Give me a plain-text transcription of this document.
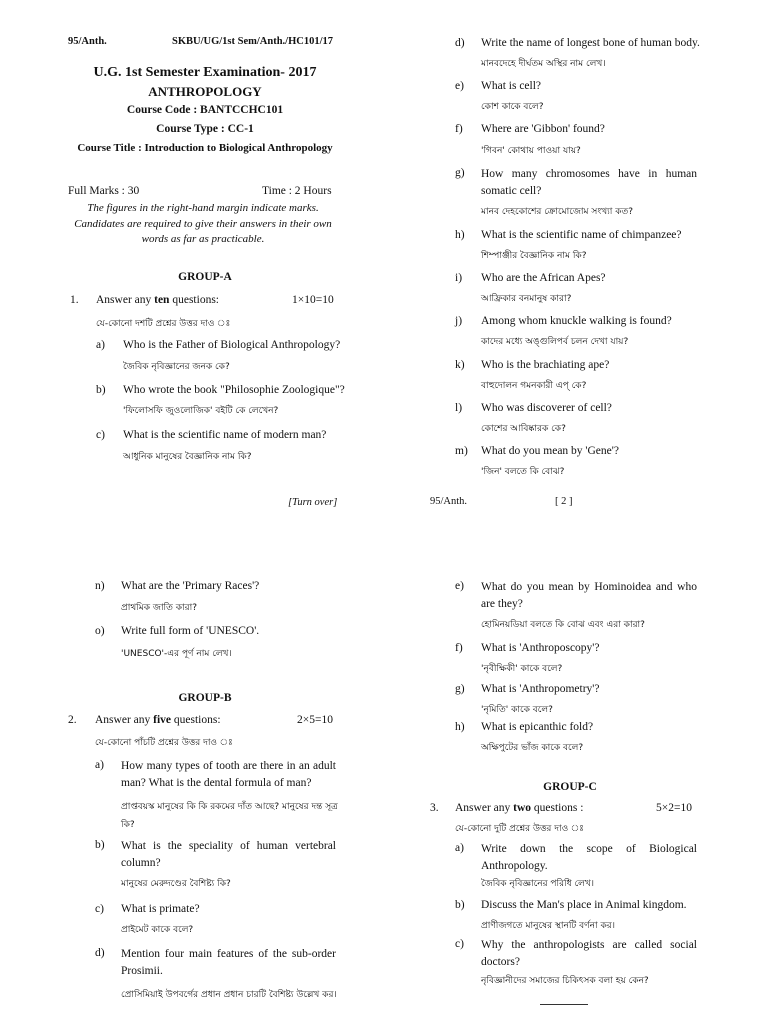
95/Anth.	SKBU/UG/1st Sem/Anth./HC101/17
U.G. 1st Semester Examination- 2017
ANTHROPOLOGY
Course Code : BANTCCHC101
Course Type : CC-1
Course Title : Introduction to Biological Anthropology
Full Marks : 30	Time : 2 Hours
The figures in the right-hand margin indicate marks. Candidates are required to give their answers in their own words as far as practicable.
GROUP-A
1. Answer any ten questions:	1×10=10
যে-কোনো দশটি প্রশ্নের উত্তর দাও ঃ
a) Who is the Father of Biological Anthropology?
জৈবিক নৃবিজ্ঞানের জনক কে?
b) Who wrote the book "Philosophie Zoologique"?
'ফিলোসফি জুওলোজিক' বইটি কে লেখেন?
c) What is the scientific name of modern man?
আধুনিক মানুষের বৈজ্ঞানিক নাম কি?
[Turn over]
d) Write the name of longest bone of human body.
মানবদেহে দীর্ঘতম অস্থির নাম লেখ।
e) What is cell?
কোশ কাকে বলে?
f) Where are 'Gibbon' found?
'গিবন' কোথায় পাওয়া যায়?
g) How many chromosomes have in human somatic cell?
মানব দেহকোশের ক্রোমোজোম সংখ্যা কত?
h) What is the scientific name of chimpanzee?
শিম্পাঞ্জীর বৈজ্ঞানিক নাম কি?
i) Who are the African Apes?
আফ্রিকার বনমানুষ কারা?
j) Among whom knuckle walking is found?
কাদের মধ্যে অঙ্গুলিপর্ব চলন দেখা যায়?
k) Who is the brachiating ape?
বাহুদোলন গমনকারী এপ্‌ কে?
l) Who was discoverer of cell?
কোশের আবিষ্কারক কে?
m) What do you mean by 'Gene'?
'জিন' বলতে কি বোঝ?
95/Anth.	[ 2 ]
n) What are the 'Primary Races'?
প্রাথমিক জাতি কারা?
o) Write full form of 'UNESCO'.
'UNESCO'-এর পূর্ণ নাম লেখ।
GROUP-B
2. Answer any five questions:	2×5=10
যে-কোনো পাঁচটি প্রশ্নের উত্তর দাও ঃ
a) How many types of tooth are there in an adult man? What is the dental formula of man?
প্রাপ্তবয়স্ক মানুষের কি কি রকমের দাঁত আছে? মানুষের দন্ত সূত্র কি?
b) What is the speciality of human vertebral column?
মানুষের মেরুদণ্ডের বৈশিষ্ট্য কি?
c) What is primate?
প্রাইমেট কাকে বলে?
d) Mention four main features of the sub-order Prosimii.
প্রোসিমিয়াই উপবর্গের প্রধান প্রধান চারটি বৈশিষ্ট্য উল্লেখ কর।
e) What do you mean by Hominoidea and who are they?
হোমিনয়ডিয়া বলতে কি বোঝ এবং এরা কারা?
f) What is 'Anthroposcopy'?
'নৃবীক্ষিকী' কাকে বলে?
g) What is 'Anthropometry'?
'নৃমিতি' কাকে বলে?
h) What is epicanthic fold?
অক্ষিপুটের ভাঁজ কাকে বলে?
GROUP-C
3. Answer any two questions :	5×2=10
যে-কোনো দুটি প্রশ্নের উত্তর দাও ঃ
a) Write down the scope of Biological Anthropology.
জৈবিক নৃবিজ্ঞানের পরিধি লেখ।
b) Discuss the Man's place in Animal kingdom.
প্রাণীজগতে মানুষের স্থানটি বর্ণনা কর।
c) Why the anthropologists are called social doctors?
নৃবিজ্ঞানীদের সমাজের চিকিৎসক বলা হয় কেন?
